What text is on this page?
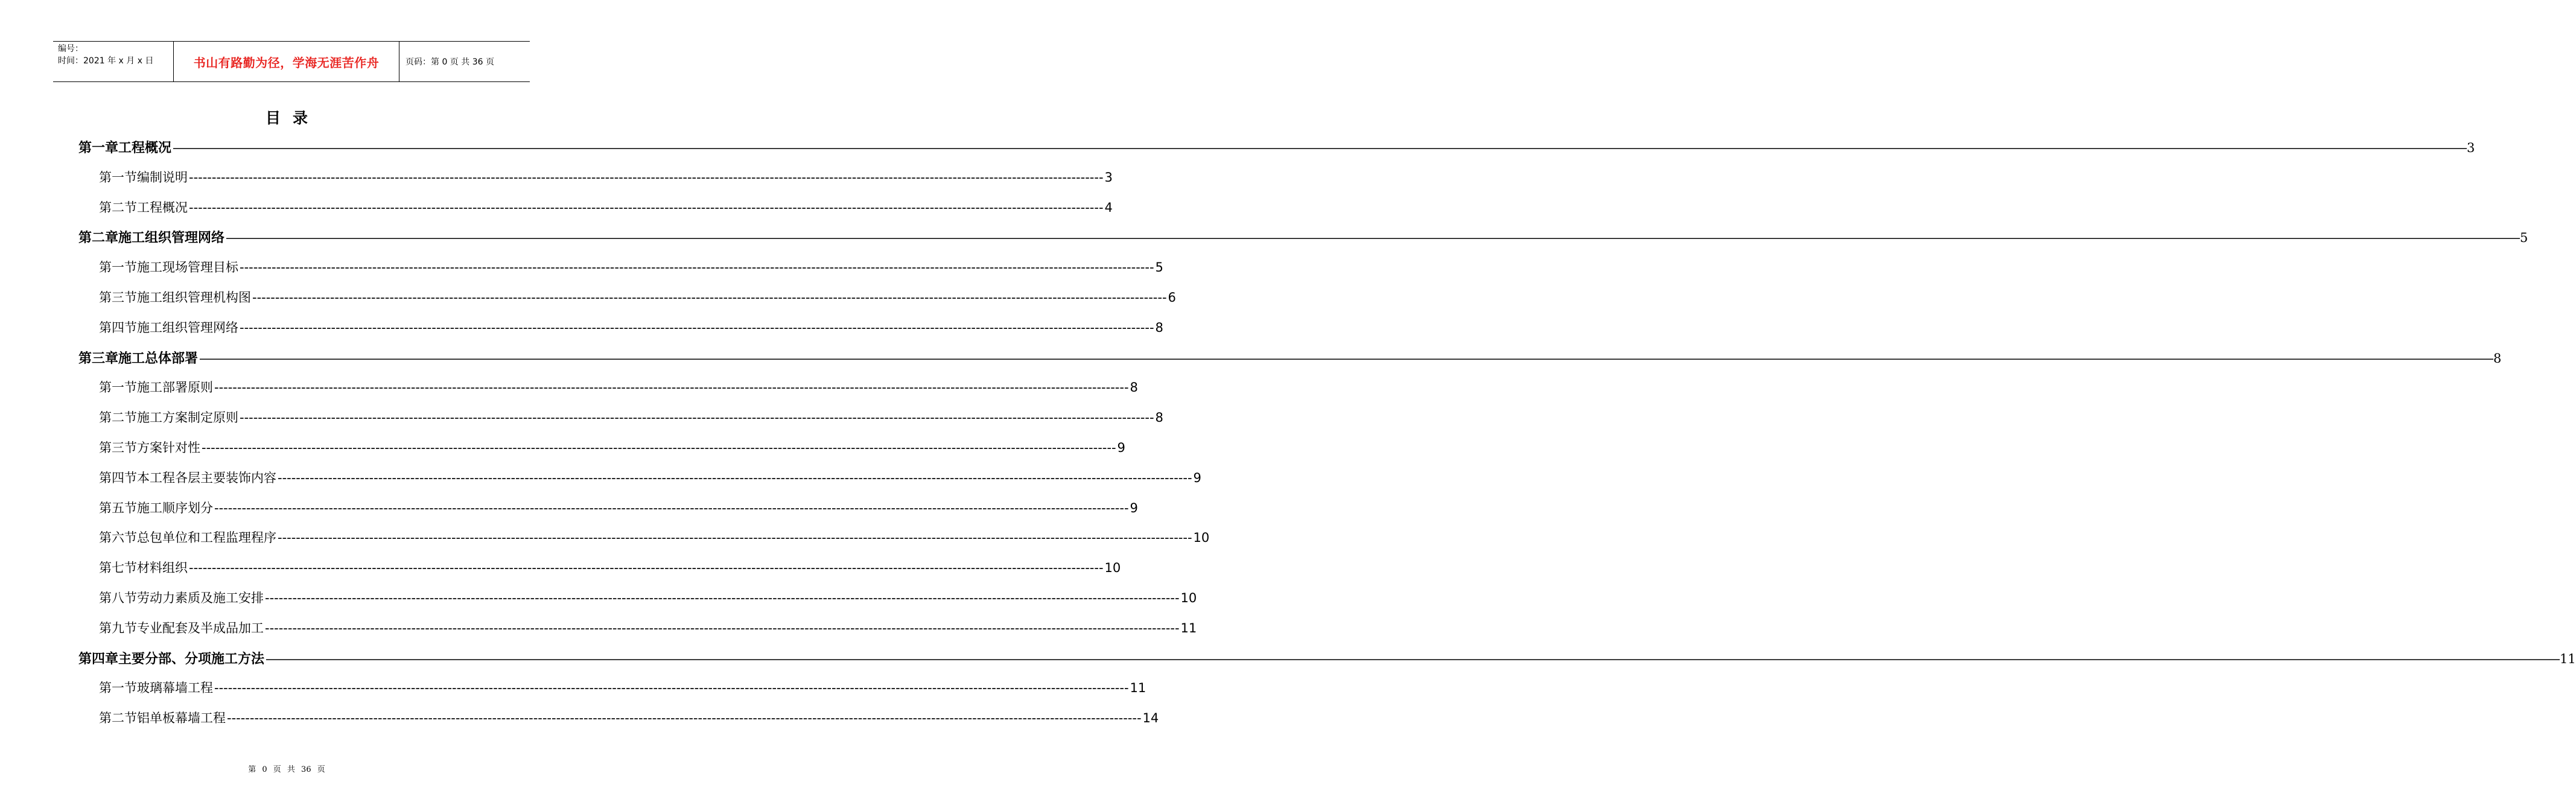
编号：
时间：2021 年 x 月 x 日	书山有路勤为径，学海无涯苦作舟	页码：第 0 页 共 36 页
目录
第一章 工程概况 ———————————————————————————————————————————————————————————————————————————————————————————————————————————————————————————————————————————————————————————————————————————————————————————————————————— 3
第一节 编制说明 -------------------------------------------------------------------------------------------------------------------------------------------------------------------------------------------------------- 3
第二节 工程概况 -------------------------------------------------------------------------------------------------------------------------------------------------------------------------------------------------------- 4
第二章 施工组织管理网络 ———————————————————————————————————————————————————————————————————————————————————————————————————————————————————————————————————————————————————————————————————————————————————————————————————————— 5
第一节 施工现场管理目标 -------------------------------------------------------------------------------------------------------------------------------------------------------------------------------------------------------- 5
第三节 施工组织管理机构图 -------------------------------------------------------------------------------------------------------------------------------------------------------------------------------------------------------- 6
第四节 施工组织管理网络 -------------------------------------------------------------------------------------------------------------------------------------------------------------------------------------------------------- 8
第三章 施工总体部署 ———————————————————————————————————————————————————————————————————————————————————————————————————————————————————————————————————————————————————————————————————————————————————————————————————————— 8
第一节 施工部署原则 -------------------------------------------------------------------------------------------------------------------------------------------------------------------------------------------------------- 8
第二节 施工方案制定原则 -------------------------------------------------------------------------------------------------------------------------------------------------------------------------------------------------------- 8
第三节 方案针对性 -------------------------------------------------------------------------------------------------------------------------------------------------------------------------------------------------------- 9
第四节 本工程各层主要装饰内容 -------------------------------------------------------------------------------------------------------------------------------------------------------------------------------------------------------- 9
第五节 施工顺序划分 -------------------------------------------------------------------------------------------------------------------------------------------------------------------------------------------------------- 9
第六节 总包单位和工程监理程序 -------------------------------------------------------------------------------------------------------------------------------------------------------------------------------------------------------- 10
第七节 材料组织 -------------------------------------------------------------------------------------------------------------------------------------------------------------------------------------------------------- 10
第八节 劳动力素质及施工安排 -------------------------------------------------------------------------------------------------------------------------------------------------------------------------------------------------------- 10
第九节 专业配套及半成品加工 -------------------------------------------------------------------------------------------------------------------------------------------------------------------------------------------------------- 11
第四章 主要分部、分项施工方法 ———————————————————————————————————————————————————————————————————————————————————————————————————————————————————————————————————————————————————————————————————————————————————————————————————————— 11
第一节 玻璃幕墙工程 -------------------------------------------------------------------------------------------------------------------------------------------------------------------------------------------------------- 11
第二节 铝单板幕墙工程 -------------------------------------------------------------------------------------------------------------------------------------------------------------------------------------------------------- 14
第 0 页 共 36 页
